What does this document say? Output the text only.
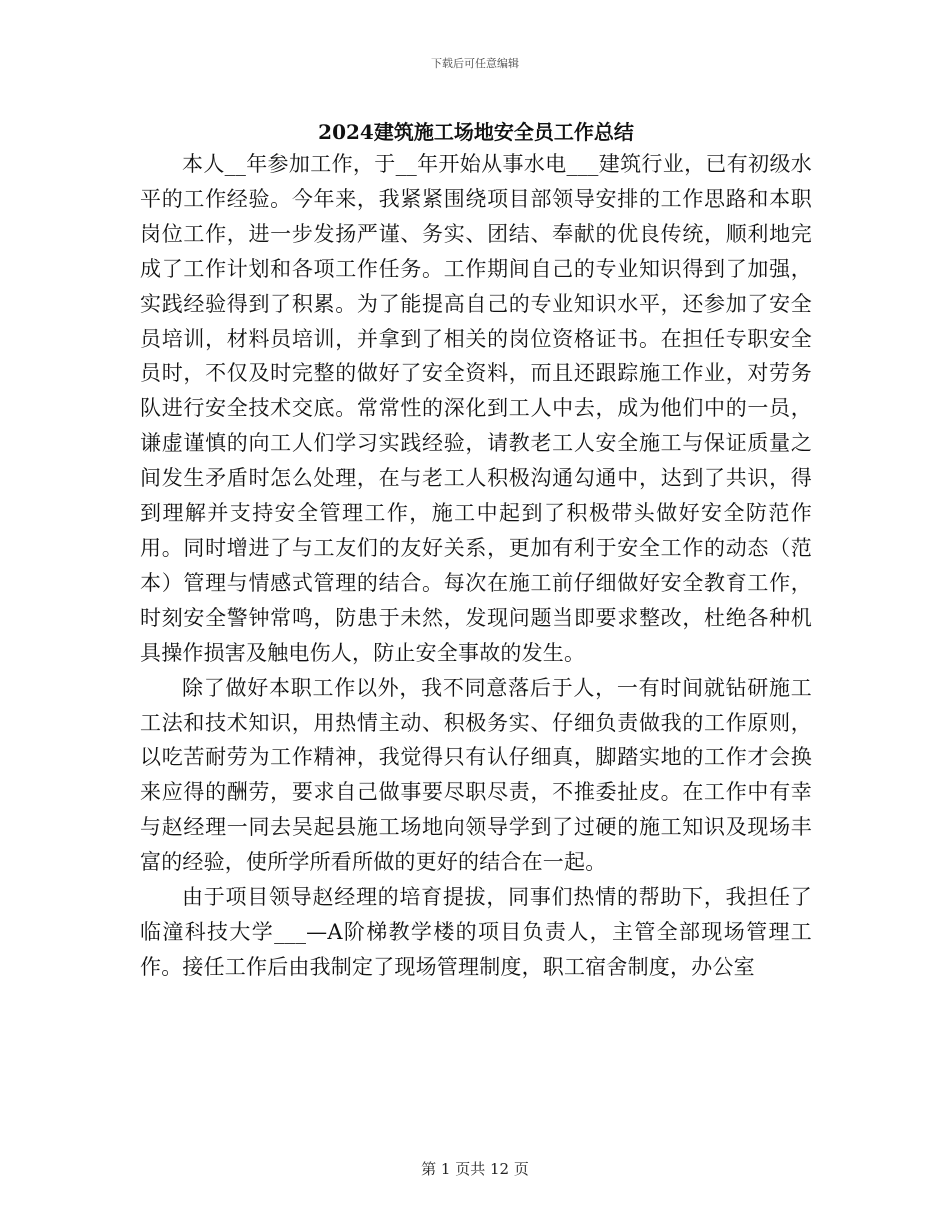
下载后可任意编辑
2024建筑施工场地安全员工作总结

本人__年参加工作，于__年开始从事水电___建筑行业，已有初级水平的工作经验。今年来，我紧紧围绕项目部领导安排的工作思路和本职岗位工作，进一步发扬严谨、务实、团结、奉献的优良传统，顺利地完成了工作计划和各项工作任务。工作期间自己的专业知识得到了加强，实践经验得到了积累。为了能提高自己的专业知识水平，还参加了安全员培训，材料员培训，并拿到了相关的岗位资格证书。在担任专职安全员时，不仅及时完整的做好了安全资料，而且还跟踪施工作业，对劳务队进行安全技术交底。常常性的深化到工人中去，成为他们中的一员，谦虚谨慎的向工人们学习实践经验，请教老工人安全施工与保证质量之间发生矛盾时怎么处理，在与老工人积极沟通勾通中，达到了共识，得到理解并支持安全管理工作，施工中起到了积极带头做好安全防范作用。同时增进了与工友们的友好关系，更加有利于安全工作的动态（范本）管理与情感式管理的结合。每次在施工前仔细做好安全教育工作，时刻安全警钟常鸣，防患于未然，发现问题当即要求整改，杜绝各种机具操作损害及触电伤人，防止安全事故的发生。

除了做好本职工作以外，我不同意落后于人，一有时间就钻研施工工法和技术知识，用热情主动、积极务实、仔细负责做我的工作原则，以吃苦耐劳为工作精神，我觉得只有认仔细真，脚踏实地的工作才会换来应得的酬劳，要求自己做事要尽职尽责，不推委扯皮。在工作中有幸与赵经理一同去吴起县施工场地向领导学到了过硬的施工知识及现场丰富的经验，使所学所看所做的更好的结合在一起。

由于项目领导赵经理的培育提拔，同事们热情的帮助下，我担任了临潼科技大学___—A阶梯教学楼的项目负责人，主管全部现场管理工作。接任工作后由我制定了现场管理制度，职工宿舍制度，办公室

第 1 页共 12 页
